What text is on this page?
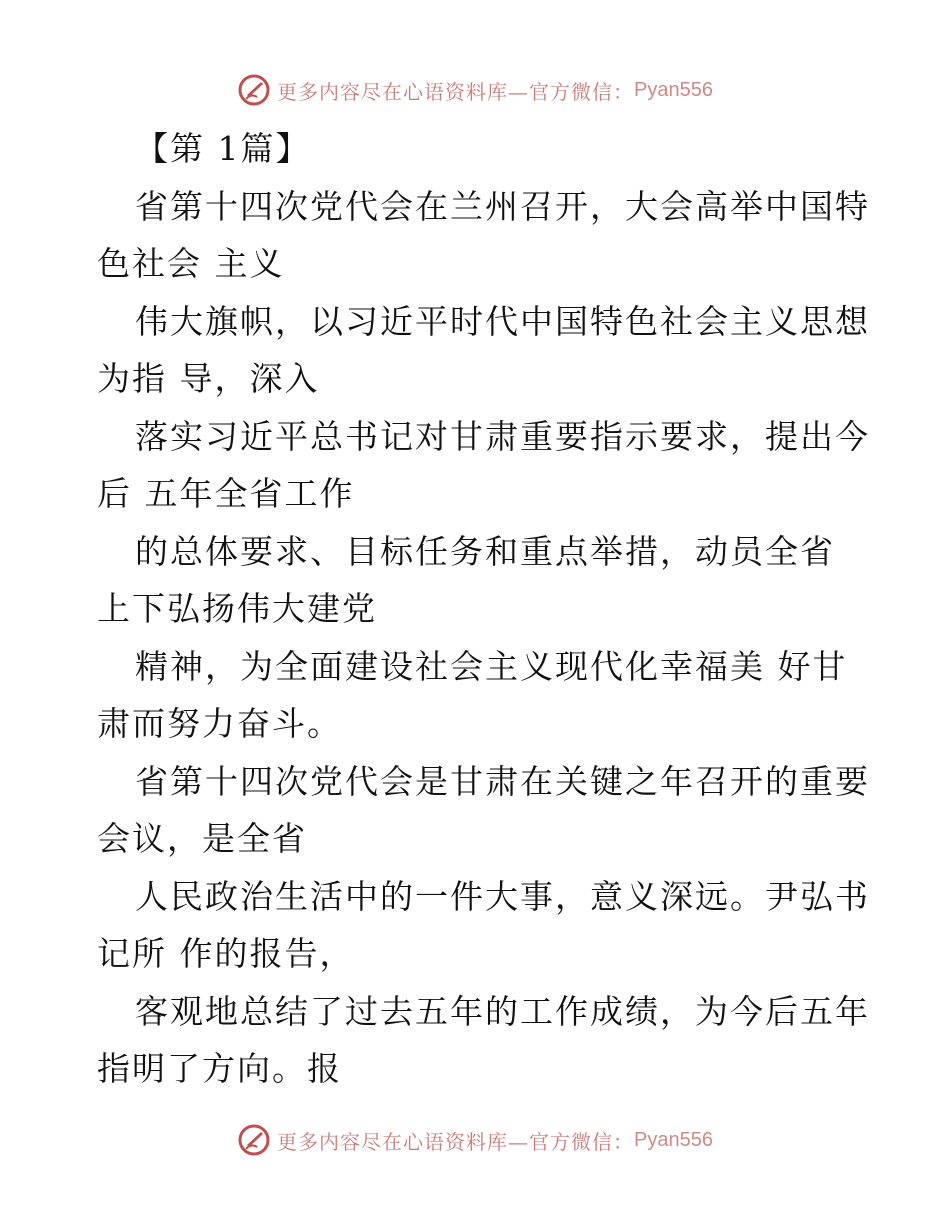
更多内容尽在心语资料库—官方微信： Pyan556
【第 1篇】
省第十四次党代会在兰州召开，大会高举中国特
色社会 主义
伟大旗帜，以习近平时代中国特色社会主义思想
为指 导，深入
落实习近平总书记对甘肃重要指示要求，提出今
后 五年全省工作
的总体要求、目标任务和重点举措，动员全省
上下弘扬伟大建党
精神，为全面建设社会主义现代化幸福美 好甘
肃而努力奋斗。
省第十四次党代会是甘肃在关键之年召开的重要
会议，是全省
人民政治生活中的一件大事，意义深远。尹弘书
记所 作的报告，
客观地总结了过去五年的工作成绩，为今后五年
指明了方向。报
更多内容尽在心语资料库—官方微信： Pyan556
